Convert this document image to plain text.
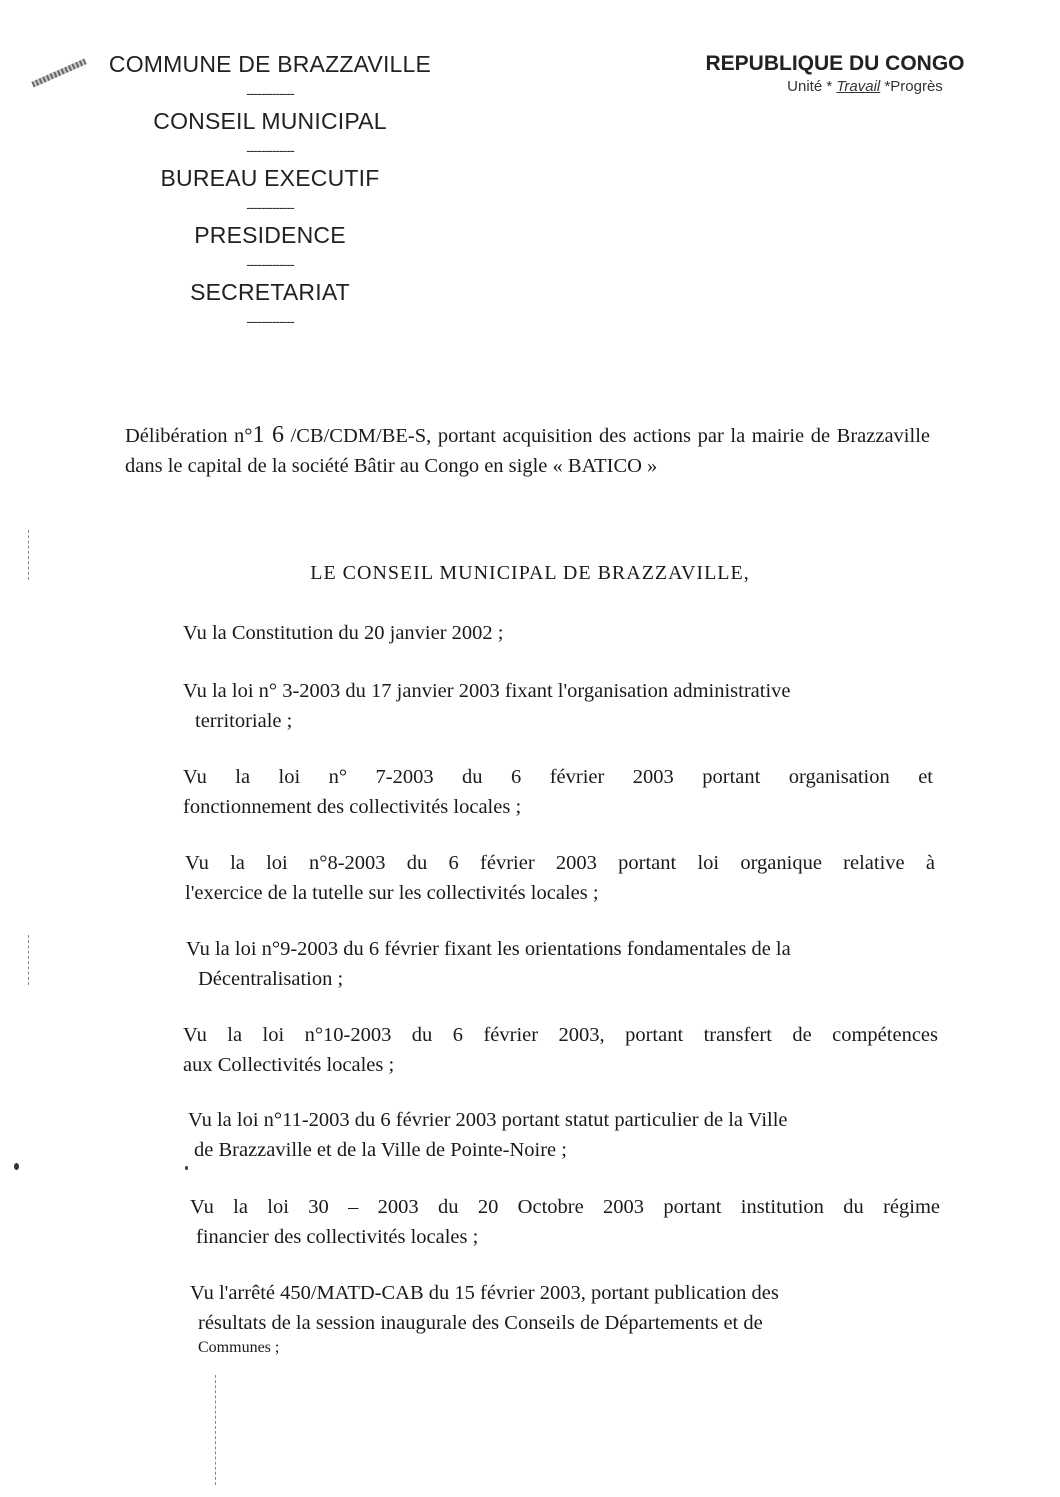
COMMUNE DE BRAZZAVILLE
-------------
CONSEIL MUNICIPAL
-------------
BUREAU EXECUTIF
-------------
PRESIDENCE
-------------
SECRETARIAT
-------------
REPUBLIQUE DU CONGO
Unité * Travail *Progrès
Délibération n°1 6 /CB/CDM/BE-S, portant acquisition des actions par la mairie de Brazzaville dans le capital de la société Bâtir au Congo en sigle « BATICO »
LE CONSEIL MUNICIPAL DE BRAZZAVILLE,
Vu la Constitution du 20 janvier 2002 ;
Vu la loi n° 3-2003 du 17 janvier 2003 fixant l'organisation administrative
territoriale ;
Vu la loi n° 7-2003 du 6 février 2003 portant organisation et
fonctionnement des collectivités locales ;
Vu la loi n°8-2003 du 6 février 2003 portant loi organique relative à
l'exercice de la tutelle sur les collectivités locales ;
Vu la loi n°9-2003 du 6 février fixant les orientations fondamentales de la
Décentralisation ;
Vu la loi n°10-2003 du 6 février 2003, portant transfert de compétences
aux Collectivités locales ;
Vu la loi n°11-2003 du 6 février 2003 portant statut particulier de la Ville
de Brazzaville et de la Ville de Pointe-Noire ;
Vu la loi 30 – 2003 du 20 Octobre 2003 portant institution du régime
financier des collectivités locales ;
Vu l'arrêté 450/MATD-CAB du 15 février 2003, portant publication des
résultats de la session inaugurale des Conseils de Départements et de
Communes ;
